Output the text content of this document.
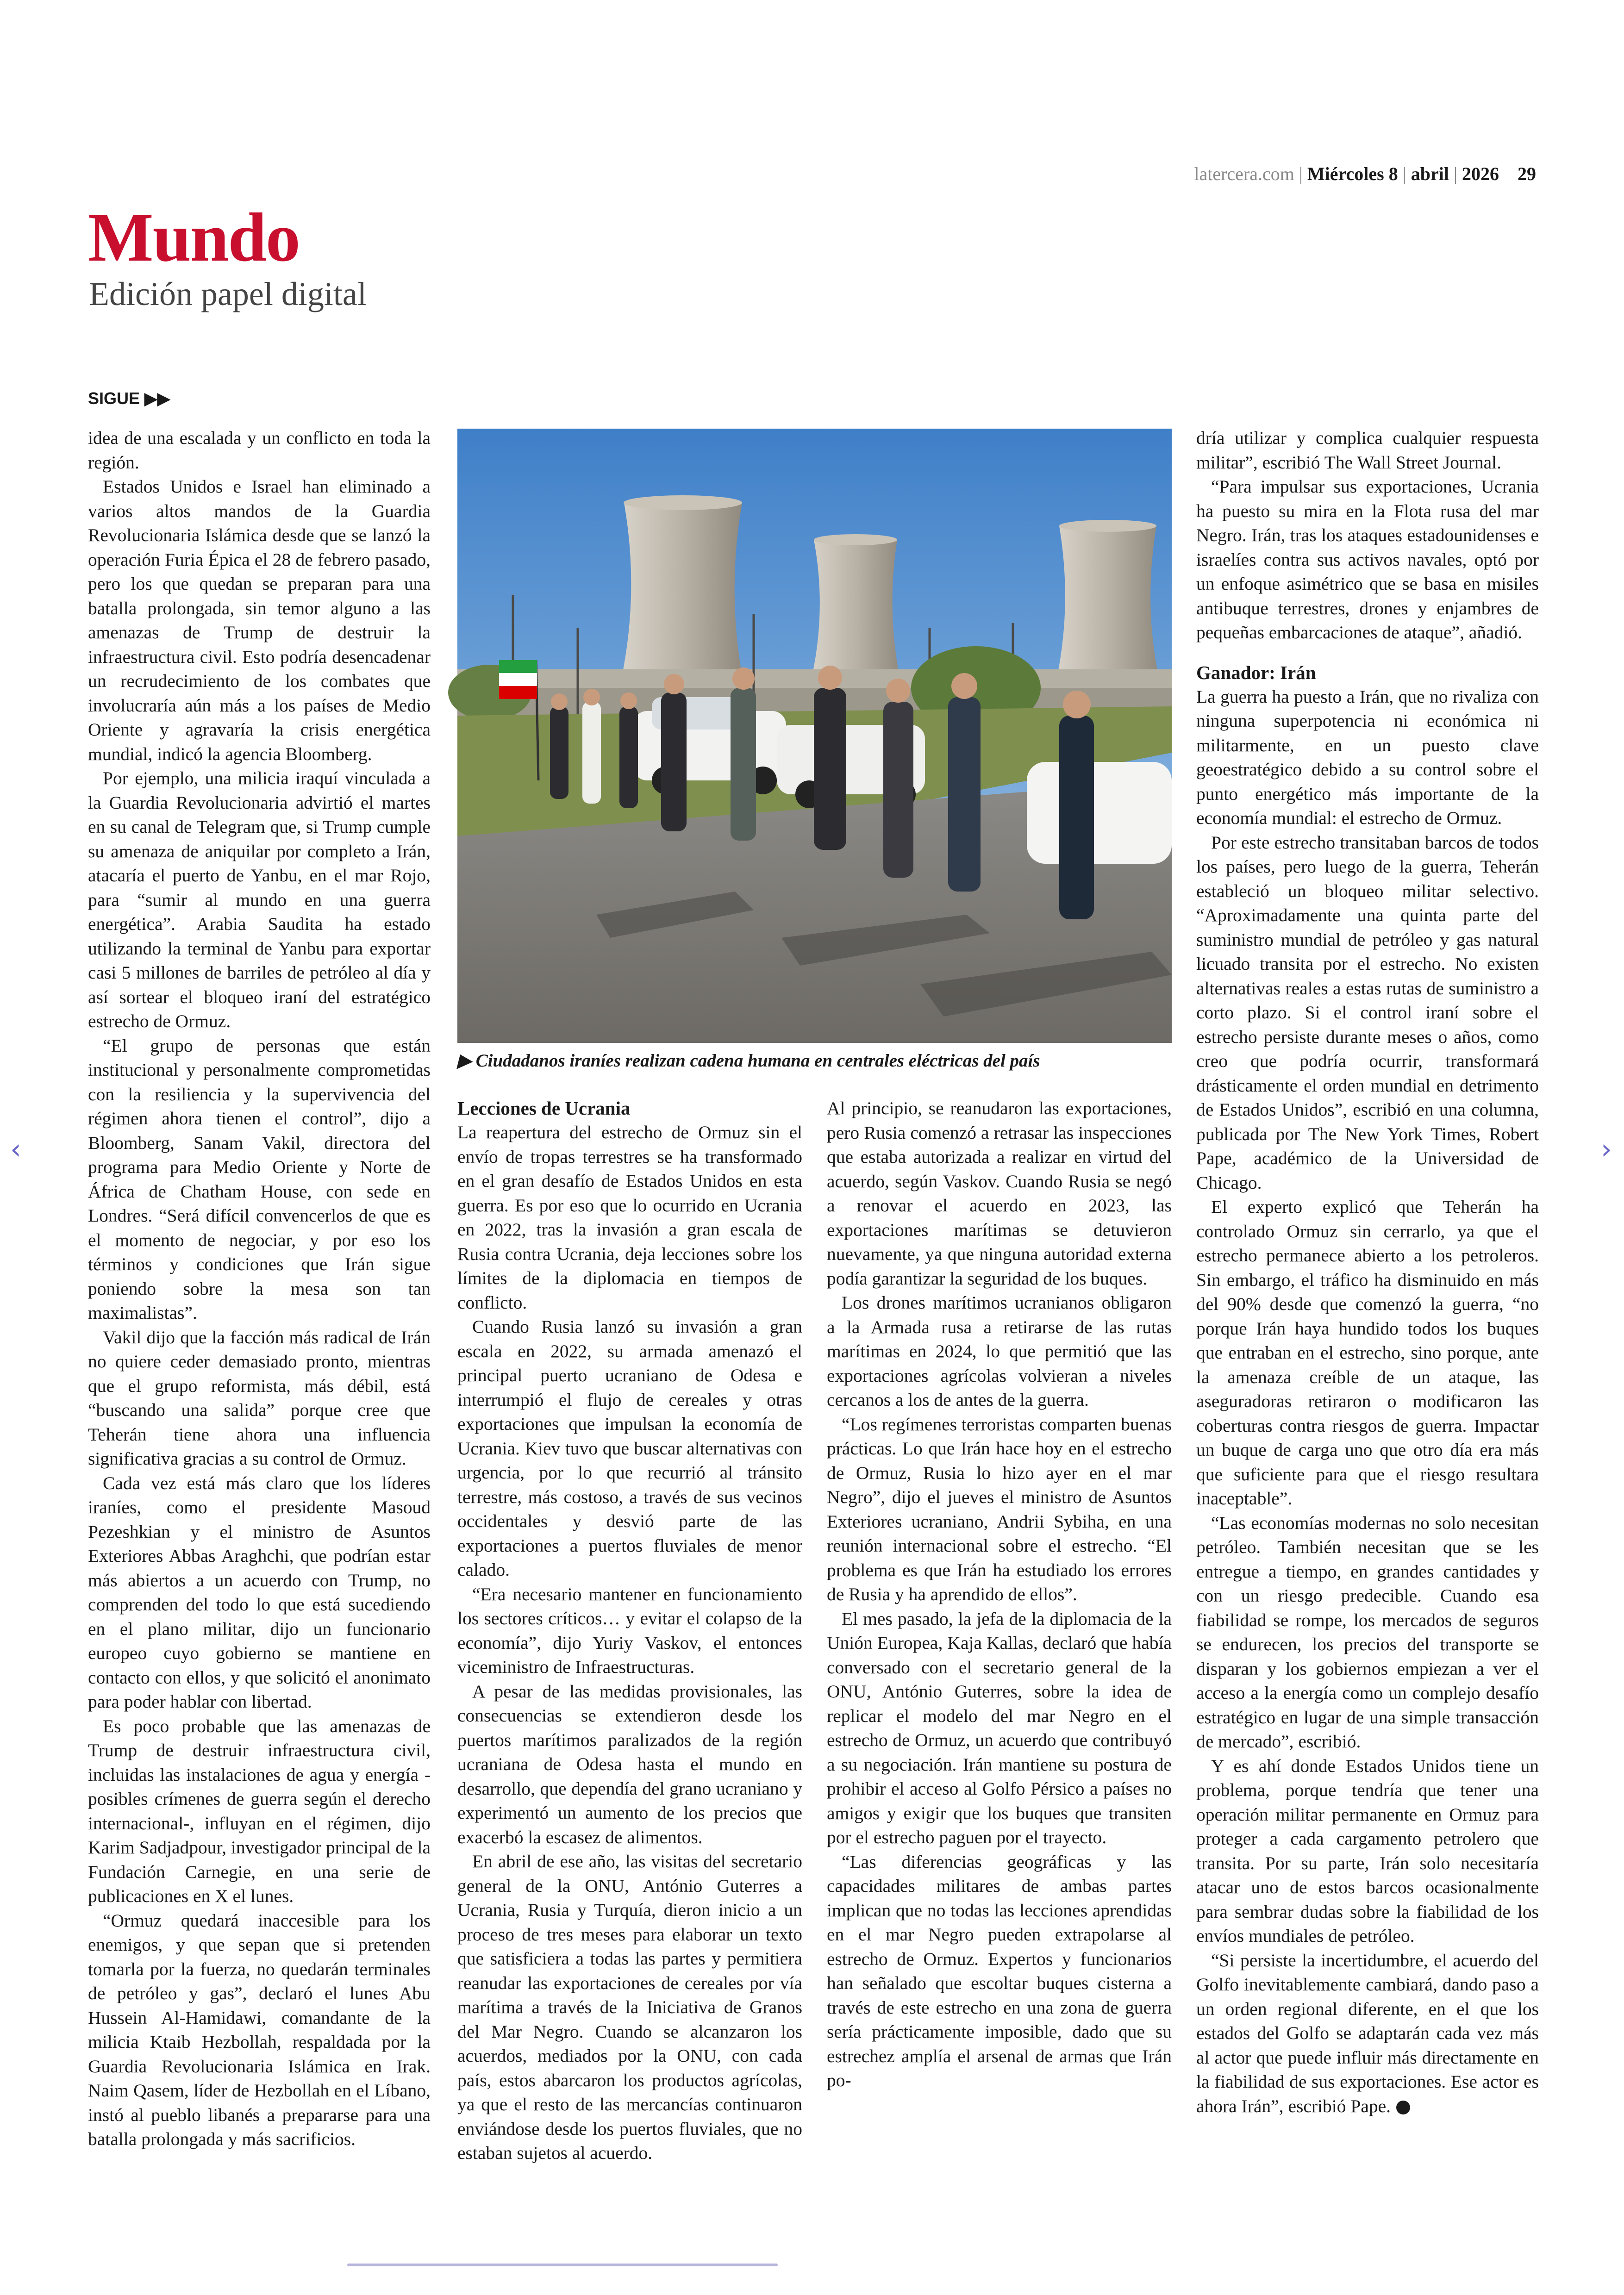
latercera.com | Miércoles 8 | abril | 2026 29
Mundo
Edición papel digital
SIGUE ▶▶

idea de una escalada y un conflicto en toda la región.

Estados Unidos e Israel han eliminado a varios altos mandos de la Guardia Revolucionaria Islámica desde que se lanzó la operación Furia Épica el 28 de febrero pasado, pero los que quedan se preparan para una batalla prolongada, sin temor alguno a las amenazas de Trump de destruir la infraestructura civil. Esto podría desencadenar un recrudecimiento de los combates que involucraría aún más a los países de Medio Oriente y agravaría la crisis energética mundial, indicó la agencia Bloomberg.

Por ejemplo, una milicia iraquí vinculada a la Guardia Revolucionaria advirtió el martes en su canal de Telegram que, si Trump cumple su amenaza de aniquilar por completo a Irán, atacaría el puerto de Yanbu, en el mar Rojo, para “sumir al mundo en una guerra energética”. Arabia Saudita ha estado utilizando la terminal de Yanbu para exportar casi 5 millones de barriles de petróleo al día y así sortear el bloqueo iraní del estratégico estrecho de Ormuz.

“El grupo de personas que están institucional y personalmente comprometidas con la resiliencia y la supervivencia del régimen ahora tienen el control”, dijo a Bloomberg, Sanam Vakil, directora del programa para Medio Oriente y Norte de África de Chatham House, con sede en Londres. “Será difícil convencerlos de que es el momento de negociar, y por eso los términos y condiciones que Irán sigue poniendo sobre la mesa son tan maximalistas”.

Vakil dijo que la facción más radical de Irán no quiere ceder demasiado pronto, mientras que el grupo reformista, más débil, está “buscando una salida” porque cree que Teherán tiene ahora una influencia significativa gracias a su control de Ormuz.

Cada vez está más claro que los líderes iraníes, como el presidente Masoud Pezeshkian y el ministro de Asuntos Exteriores Abbas Araghchi, que podrían estar más abiertos a un acuerdo con Trump, no comprenden del todo lo que está sucediendo en el plano militar, dijo un funcionario europeo cuyo gobierno se mantiene en contacto con ellos, y que solicitó el anonimato para poder hablar con libertad.

Es poco probable que las amenazas de Trump de destruir infraestructura civil, incluidas las instalaciones de agua y energía -posibles crímenes de guerra según el derecho internacional-, influyan en el régimen, dijo Karim Sadjadpour, investigador principal de la Fundación Carnegie, en una serie de publicaciones en X el lunes.

“Ormuz quedará inaccesible para los enemigos, y que sepan que si pretenden tomarla por la fuerza, no quedarán terminales de petróleo y gas”, declaró el lunes Abu Hussein Al-Hamidawi, comandante de la milicia Ktaib Hezbollah, respaldada por la Guardia Revolucionaria Islámica en Irak. Naim Qasem, líder de Hezbollah en el Líbano, instó al pueblo libanés a prepararse para una batalla prolongada y más sacrificios.

▶ Ciudadanos iraníes realizan cadena humana en centrales eléctricas del país
Lecciones de Ucrania

La reapertura del estrecho de Ormuz sin el envío de tropas terrestres se ha transformado en el gran desafío de Estados Unidos en esta guerra. Es por eso que lo ocurrido en Ucrania en 2022, tras la invasión a gran escala de Rusia contra Ucrania, deja lecciones sobre los límites de la diplomacia en tiempos de conflicto.

Cuando Rusia lanzó su invasión a gran escala en 2022, su armada amenazó el principal puerto ucraniano de Odesa e interrumpió el flujo de cereales y otras exportaciones que impulsan la economía de Ucrania. Kiev tuvo que buscar alternativas con urgencia, por lo que recurrió al tránsito terrestre, más costoso, a través de sus vecinos occidentales y desvió parte de las exportaciones a puertos fluviales de menor calado.

“Era necesario mantener en funcionamiento los sectores críticos… y evitar el colapso de la economía”, dijo Yuriy Vaskov, el entonces viceministro de Infraestructuras.

A pesar de las medidas provisionales, las consecuencias se extendieron desde los puertos marítimos paralizados de la región ucraniana de Odesa hasta el mundo en desarrollo, que dependía del grano ucraniano y experimentó un aumento de los precios que exacerbó la escasez de alimentos.

En abril de ese año, las visitas del secretario general de la ONU, António Guterres a Ucrania, Rusia y Turquía, dieron inicio a un proceso de tres meses para elaborar un texto que satisficiera a todas las partes y permitiera reanudar las exportaciones de cereales por vía marítima a través de la Iniciativa de Granos del Mar Negro. Cuando se alcanzaron los acuerdos, mediados por la ONU, con cada país, estos abarcaron los productos agrícolas, ya que el resto de las mercancías continuaron enviándose desde los puertos fluviales, que no estaban sujetos al acuerdo.

Al principio, se reanudaron las exportaciones, pero Rusia comenzó a retrasar las inspecciones que estaba autorizada a realizar en virtud del acuerdo, según Vaskov. Cuando Rusia se negó a renovar el acuerdo en 2023, las exportaciones marítimas se detuvieron nuevamente, ya que ninguna autoridad externa podía garantizar la seguridad de los buques.

Los drones marítimos ucranianos obligaron a la Armada rusa a retirarse de las rutas marítimas en 2024, lo que permitió que las exportaciones agrícolas volvieran a niveles cercanos a los de antes de la guerra.

“Los regímenes terroristas comparten buenas prácticas. Lo que Irán hace hoy en el estrecho de Ormuz, Rusia lo hizo ayer en el mar Negro”, dijo el jueves el ministro de Asuntos Exteriores ucraniano, Andrii Sybiha, en una reunión internacional sobre el estrecho. “El problema es que Irán ha estudiado los errores de Rusia y ha aprendido de ellos”.

El mes pasado, la jefa de la diplomacia de la Unión Europea, Kaja Kallas, declaró que había conversado con el secretario general de la ONU, António Guterres, sobre la idea de replicar el modelo del mar Negro en el estrecho de Ormuz, un acuerdo que contribuyó a su negociación. Irán mantiene su postura de prohibir el acceso al Golfo Pérsico a países no amigos y exigir que los buques que transiten por el estrecho paguen por el trayecto.

“Las diferencias geográficas y las capacidades militares de ambas partes implican que no todas las lecciones aprendidas en el mar Negro pueden extrapolarse al estrecho de Ormuz. Expertos y funcionarios han señalado que escoltar buques cisterna a través de este estrecho en una zona de guerra sería prácticamente imposible, dado que su estrechez amplía el arsenal de armas que Irán po-

dría utilizar y complica cualquier respuesta militar”, escribió The Wall Street Journal.

“Para impulsar sus exportaciones, Ucrania ha puesto su mira en la Flota rusa del mar Negro. Irán, tras los ataques estadounidenses e israelíes contra sus activos navales, optó por un enfoque asimétrico que se basa en misiles antibuque terrestres, drones y enjambres de pequeñas embarcaciones de ataque”, añadió.

Ganador: Irán

La guerra ha puesto a Irán, que no rivaliza con ninguna superpotencia ni económica ni militarmente, en un puesto clave geoestratégico debido a su control sobre el punto energético más importante de la economía mundial: el estrecho de Ormuz.

Por este estrecho transitaban barcos de todos los países, pero luego de la guerra, Teherán estableció un bloqueo militar selectivo. “Aproximadamente una quinta parte del suministro mundial de petróleo y gas natural licuado transita por el estrecho. No existen alternativas reales a estas rutas de suministro a corto plazo. Si el control iraní sobre el estrecho persiste durante meses o años, como creo que podría ocurrir, transformará drásticamente el orden mundial en detrimento de Estados Unidos”, escribió en una columna, publicada por The New York Times, Robert Pape, académico de la Universidad de Chicago.

El experto explicó que Teherán ha controlado Ormuz sin cerrarlo, ya que el estrecho permanece abierto a los petroleros. Sin embargo, el tráfico ha disminuido en más del 90% desde que comenzó la guerra, “no porque Irán haya hundido todos los buques que entraban en el estrecho, sino porque, ante la amenaza creíble de un ataque, las aseguradoras retiraron o modificaron las coberturas contra riesgos de guerra. Impactar un buque de carga uno que otro día era más que suficiente para que el riesgo resultara inaceptable”.

“Las economías modernas no solo necesitan petróleo. También necesitan que se les entregue a tiempo, en grandes cantidades y con un riesgo predecible. Cuando esa fiabilidad se rompe, los mercados de seguros se endurecen, los precios del transporte se disparan y los gobiernos empiezan a ver el acceso a la energía como un complejo desafío estratégico en lugar de una simple transacción de mercado”, escribió.

Y es ahí donde Estados Unidos tiene un problema, porque tendría que tener una operación militar permanente en Ormuz para proteger a cada cargamento petrolero que transita. Por su parte, Irán solo necesitaría atacar uno de estos barcos ocasionalmente para sembrar dudas sobre la fiabilidad de los envíos mundiales de petróleo.

“Si persiste la incertidumbre, el acuerdo del Golfo inevitablemente cambiará, dando paso a un orden regional diferente, en el que los estados del Golfo se adaptarán cada vez más al actor que puede influir más directamente en la fiabilidad de sus exportaciones. Ese actor es ahora Irán”, escribió Pape.

‹	›
